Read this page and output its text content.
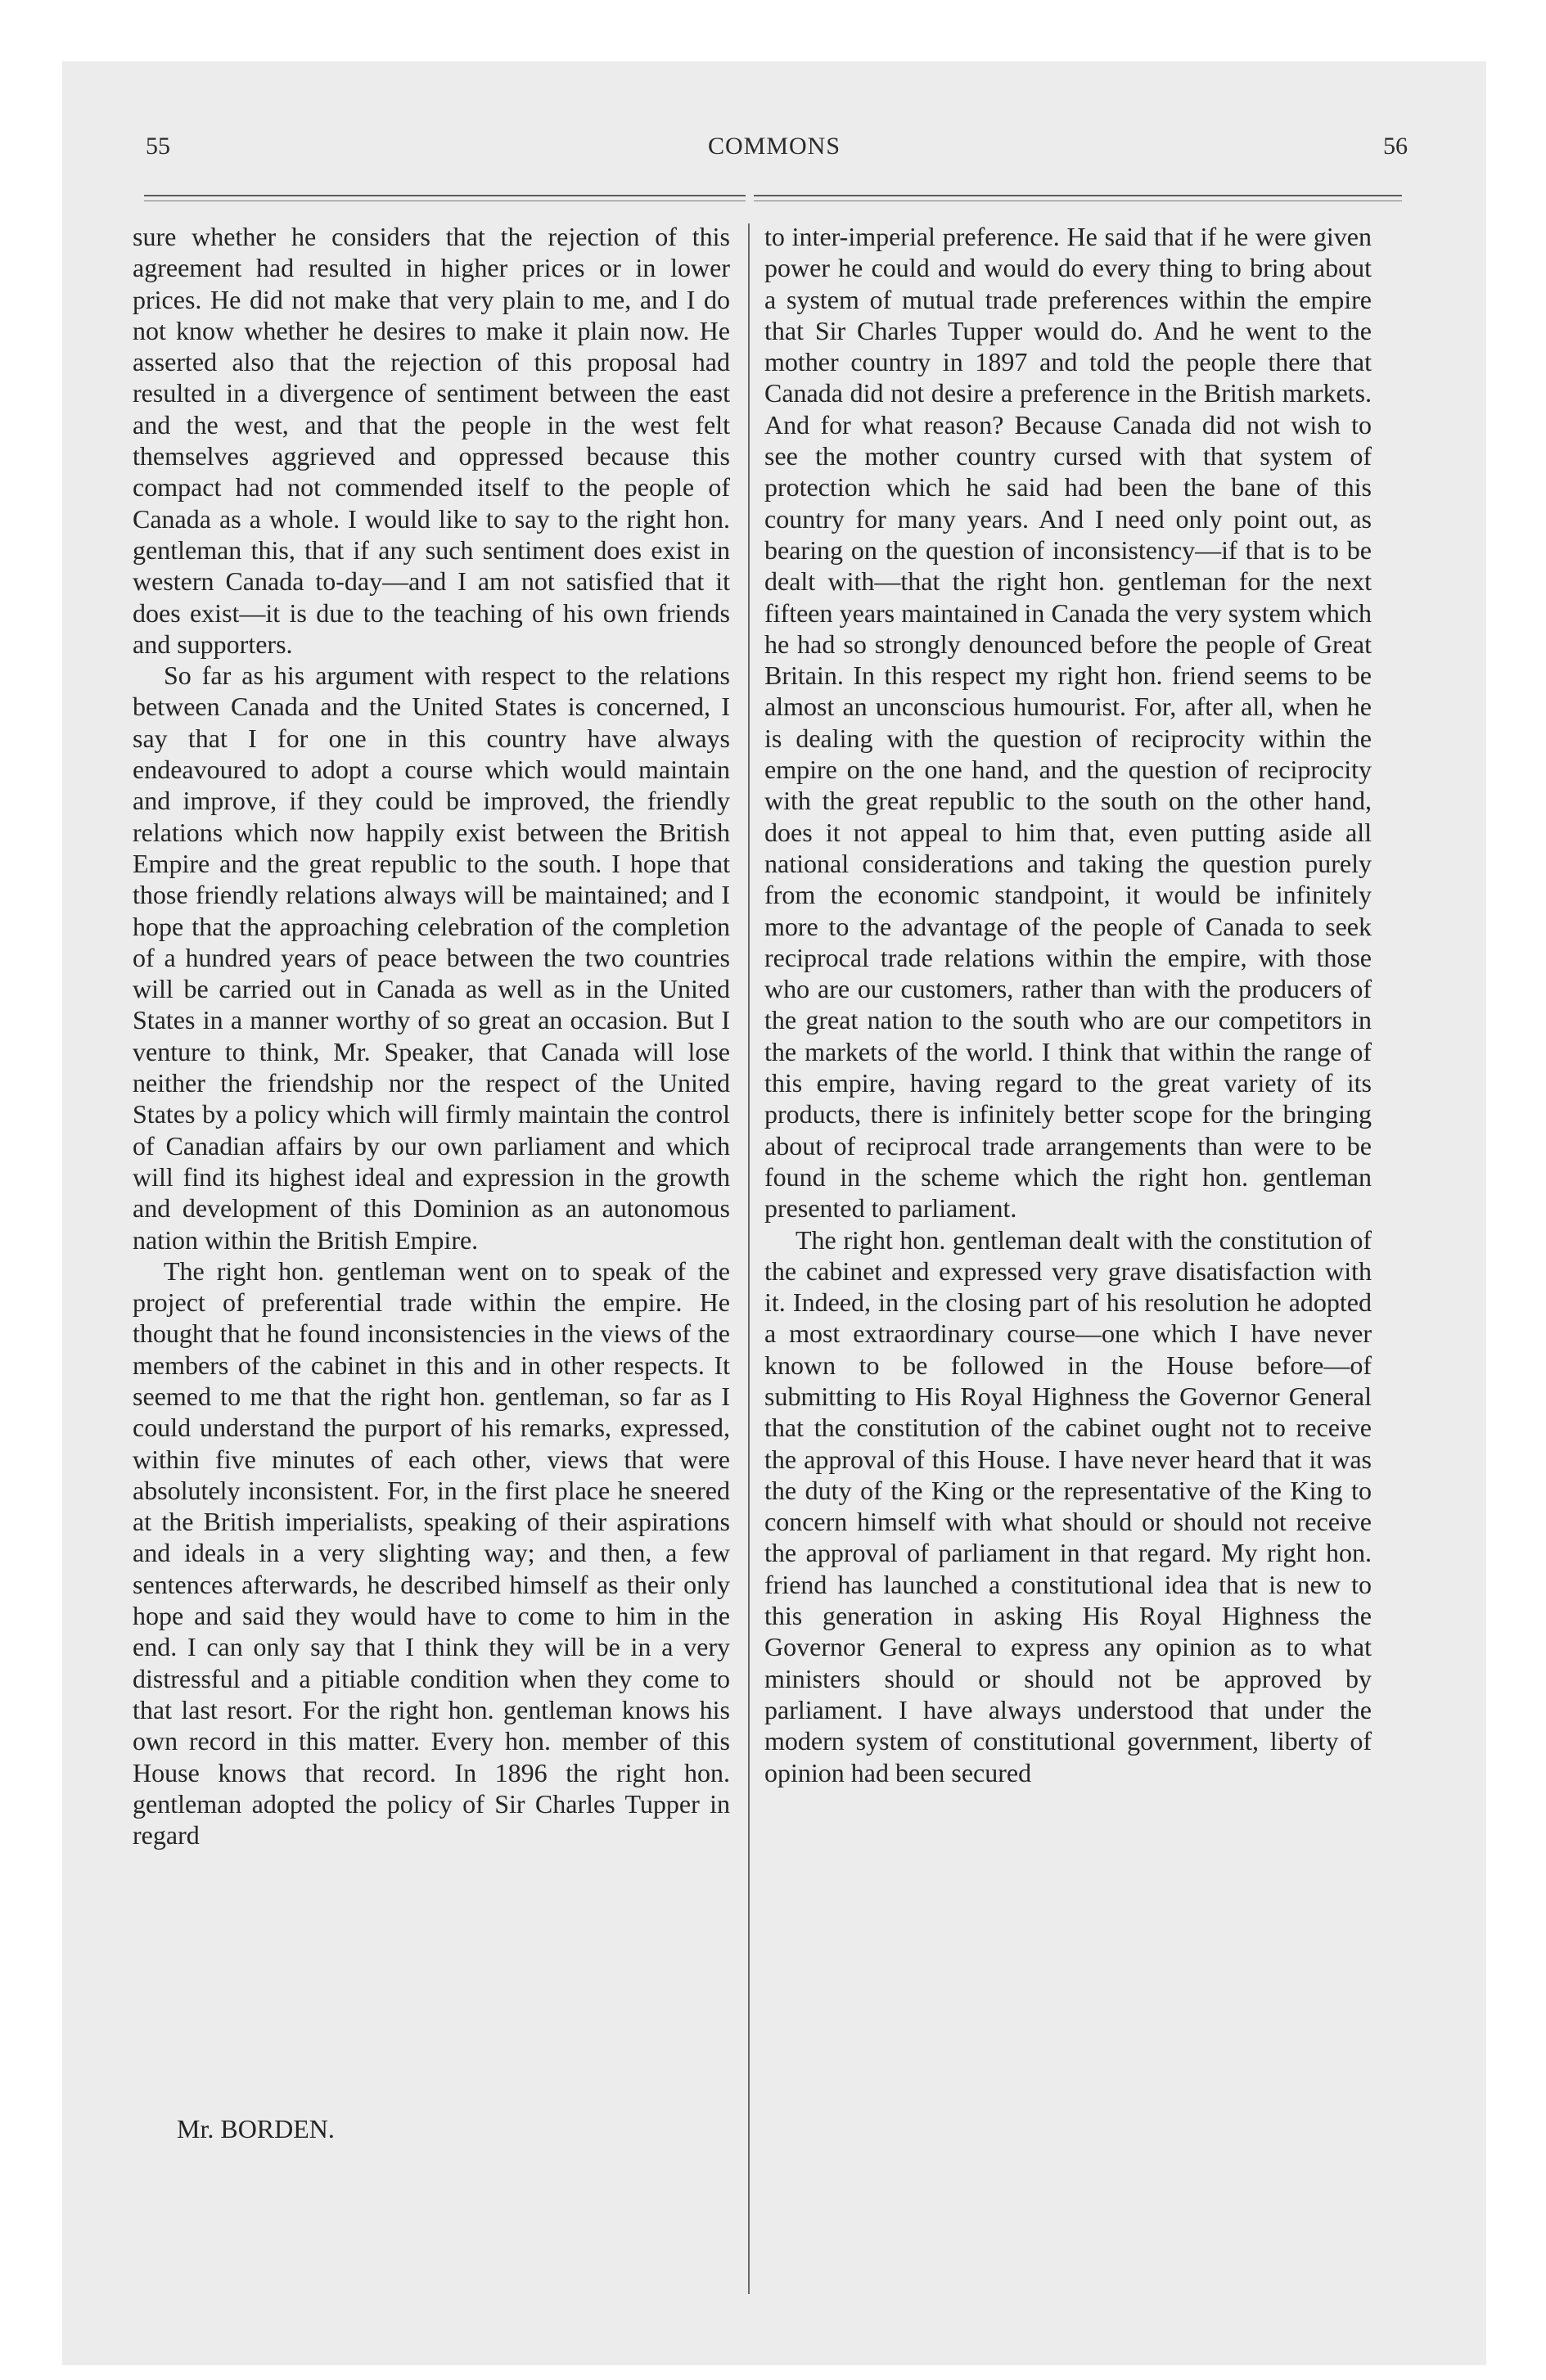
55	COMMONS	56

sure whether he considers that the rejection of this agreement had resulted in higher prices or in lower prices. He did not make that very plain to me, and I do not know whether he desires to make it plain now. He asserted also that the rejection of this proposal had resulted in a divergence of sentiment between the east and the west, and that the people in the west felt themselves aggrieved and oppressed because this compact had not commended itself to the people of Canada as a whole. I would like to say to the right hon. gentleman this, that if any such sentiment does exist in western Canada to-day—and I am not satisfied that it does exist—it is due to the teaching of his own friends and supporters.

So far as his argument with respect to the relations between Canada and the United States is concerned, I say that I for one in this country have always endeavoured to adopt a course which would maintain and improve, if they could be improved, the friendly relations which now happily exist between the British Empire and the great republic to the south. I hope that those friendly relations always will be maintained; and I hope that the approaching celebration of the completion of a hundred years of peace between the two countries will be carried out in Canada as well as in the United States in a manner worthy of so great an occasion. But I venture to think, Mr. Speaker, that Canada will lose neither the friendship nor the respect of the United States by a policy which will firmly maintain the control of Canadian affairs by our own parliament and which will find its highest ideal and expression in the growth and development of this Dominion as an autonomous nation within the British Empire.

The right hon. gentleman went on to speak of the project of preferential trade within the empire. He thought that he found inconsistencies in the views of the members of the cabinet in this and in other respects. It seemed to me that the right hon. gentleman, so far as I could understand the purport of his remarks, expressed, within five minutes of each other, views that were absolutely inconsistent. For, in the first place he sneered at the British imperialists, speaking of their aspirations and ideals in a very slighting way; and then, a few sentences afterwards, he described himself as their only hope and said they would have to come to him in the end. I can only say that I think they will be in a very distressful and a pitiable condition when they come to that last resort. For the right hon. gentleman knows his own record in this matter. Every hon. member of this House knows that record. In 1896 the right hon. gentleman adopted the policy of Sir Charles Tupper in regard

Mr. BORDEN.

to inter-imperial preference. He said that if he were given power he could and would do every thing to bring about a system of mutual trade preferences within the empire that Sir Charles Tupper would do. And he went to the mother country in 1897 and told the people there that Canada did not desire a preference in the British markets. And for what reason? Because Canada did not wish to see the mother country cursed with that system of protection which he said had been the bane of this country for many years. And I need only point out, as bearing on the question of inconsistency—if that is to be dealt with—that the right hon. gentleman for the next fifteen years maintained in Canada the very system which he had so strongly denounced before the people of Great Britain. In this respect my right hon. friend seems to be almost an unconscious humourist. For, after all, when he is dealing with the question of reciprocity within the empire on the one hand, and the question of reciprocity with the great republic to the south on the other hand, does it not appeal to him that, even putting aside all national considerations and taking the question purely from the economic standpoint, it would be infinitely more to the advantage of the people of Canada to seek reciprocal trade relations within the empire, with those who are our customers, rather than with the producers of the great nation to the south who are our competitors in the markets of the world. I think that within the range of this empire, having regard to the great variety of its products, there is infinitely better scope for the bringing about of reciprocal trade arrangements than were to be found in the scheme which the right hon. gentleman presented to parliament.

The right hon. gentleman dealt with the constitution of the cabinet and expressed very grave disatisfaction with it. Indeed, in the closing part of his resolution he adopted a most extraordinary course—one which I have never known to be followed in the House before—of submitting to His Royal Highness the Governor General that the constitution of the cabinet ought not to receive the approval of this House. I have never heard that it was the duty of the King or the representative of the King to concern himself with what should or should not receive the approval of parliament in that regard. My right hon. friend has launched a constitutional idea that is new to this generation in asking His Royal Highness the Governor General to express any opinion as to what ministers should or should not be approved by parliament. I have always understood that under the modern system of constitutional government, liberty of opinion had been secured
